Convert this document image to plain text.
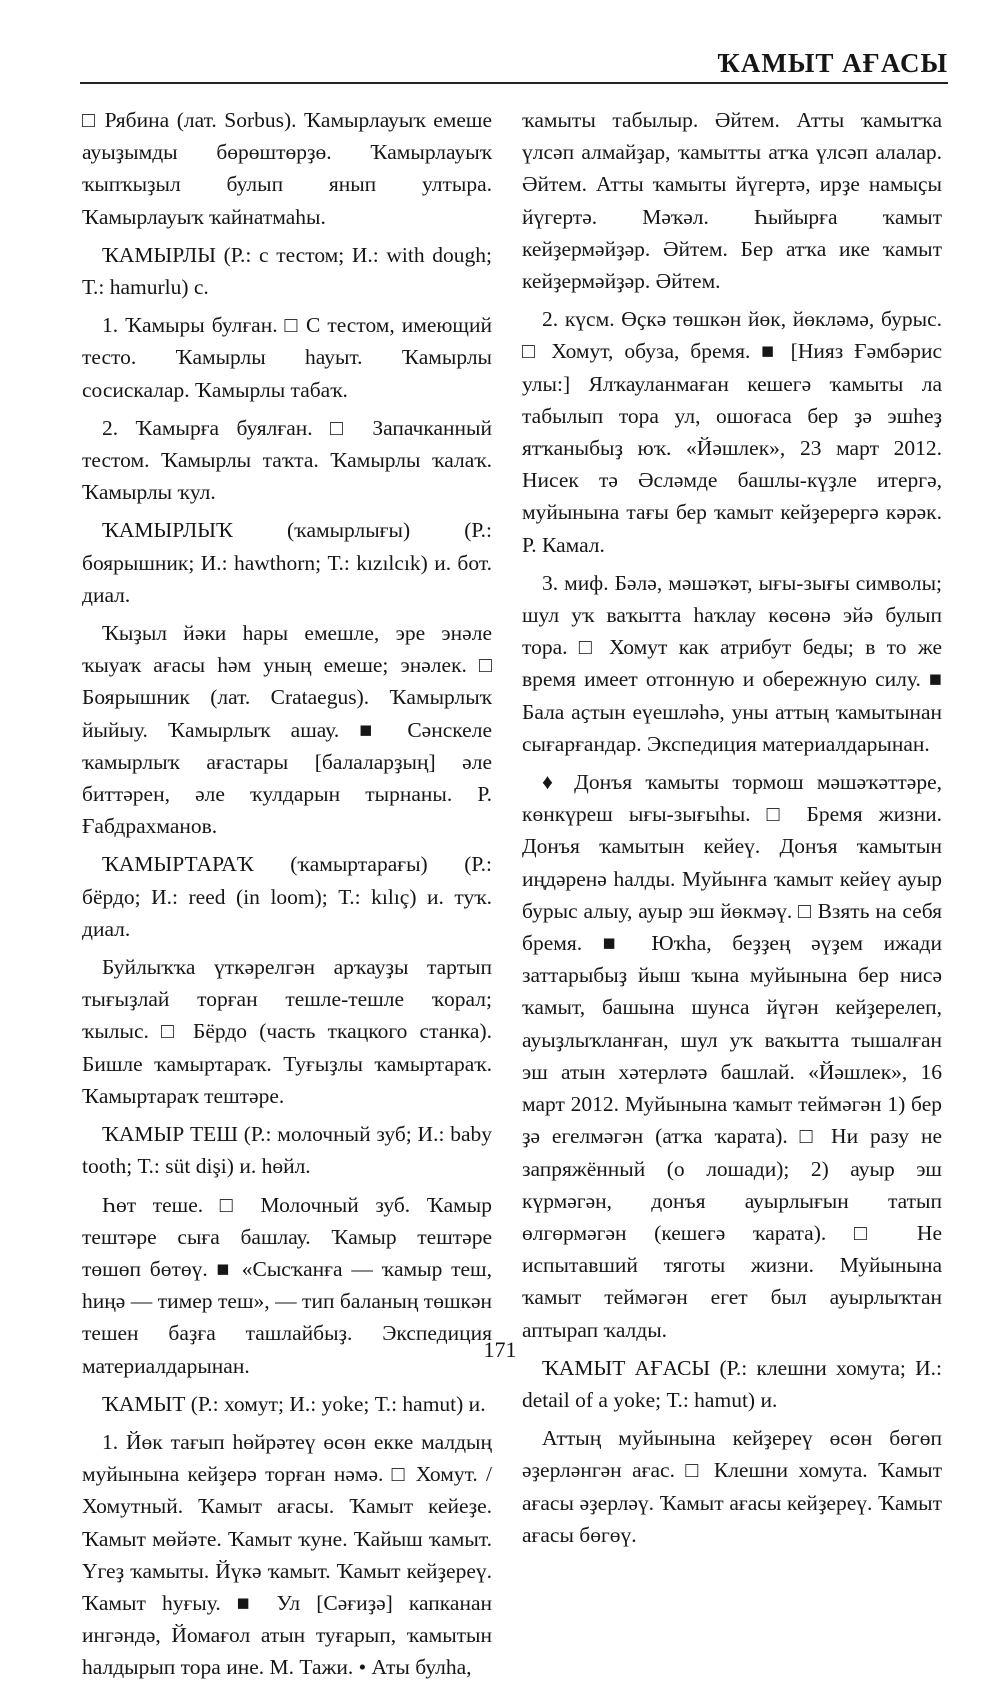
ҠАМЫТ АҒАСЫ

□ Рябина (лат. Sorbus). Ҡамырлауыҡ емеше ауыҙымды бөрөштөрҙө. Ҡамырлауыҡ ҡыпҡыҙыл булып янып ултыра. Ҡамырлауыҡ ҡайнатмаһы.

ҠАМЫРЛЫ (Р.: с тестом; И.: with dough; Т.: hamurlu) с.

1. Ҡамыры булған. □ С тестом, имеющий тесто. Ҡамырлы һауыт. Ҡамырлы сосискалар. Ҡамырлы табаҡ.

2. Ҡамырға буялған. □ Запачканный тестом. Ҡамырлы таҡта. Ҡамырлы ҡалаҡ. Ҡамырлы ҡул.

ҠАМЫРЛЫҠ (ҡамырлығы) (Р.: боярышник; И.: hawthorn; Т.: kızılcık) и. бот. диал.

Ҡыҙыл йәки һары емешле, эре энәле ҡыуаҡ ағасы һәм уның емеше; энәлек. □ Боярышник (лат. Crataegus). Ҡамырлыҡ йыйыу. Ҡамырлыҡ ашау. ■ Сәнскеле ҡамырлыҡ ағастары [балаларҙың] әле биттәрен, әле ҡулдарын тырнаны. Р. Ғабдрахманов.

ҠАМЫРТАРАҠ (ҡамыртарағы) (Р.: бёрдо; И.: reed (in loom); Т.: kılıç) и. туҡ. диал.

Буйлыҡҡа үткәрелгән арҡауҙы тартып тығыҙлай торған тешле-тешле ҡорал; ҡылыс. □ Бёрдо (часть ткацкого станка). Бишле ҡамыртараҡ. Туғыҙлы ҡамыртараҡ. Ҡамыртараҡ тештәре.

ҠАМЫР ТЕШ (Р.: молочный зуб; И.: baby tooth; Т.: süt dişi) и. һөйл.

Һөт теше. □ Молочный зуб. Ҡамыр тештәре сыға башлау. Ҡамыр тештәре төшөп бөтөү. ■ «Сысҡанға — ҡамыр теш, һиңә — тимер теш», — тип баланың төшкән тешен баҙға ташлайбыҙ. Экспедиция материалдарынан.

ҠАМЫТ (Р.: хомут; И.: yoke; Т.: hamut) и.

1. Йөк тағып һөйрәтеү өсөн екке малдың муйынына кейҙерә торған нәмә. □ Хомут. / Хомутный. Ҡамыт ағасы. Ҡамыт кейеҙе. Ҡамыт мөйәте. Ҡамыт ҡуне. Ҡайыш ҡамыт. Үгеҙ ҡамыты. Йүкә ҡамыт. Ҡамыт кейҙереү. Ҡамыт һуғыу. ■ Ул [Сәғиҙә] капканан ингәндә, Йомағол атын туғарып, ҡамытын һалдырып тора ине. М. Тажи. • Аты булһа,

ҡамыты табылыр. Әйтем. Атты ҡамытҡа үлсәп алмайҙар, ҡамытты атҡа үлсәп алалар. Әйтем. Атты ҡамыты йүгертә, ирҙе намыҫы йүгертә. Мәҡәл. Һыйырға ҡамыт кейҙермәйҙәр. Әйтем. Бер атҡа ике ҡамыт кейҙермәйҙәр. Әйтем.

2. күсм. Өҫкә төшкән йөк, йөкләмә, бурыс. □ Хомут, обуза, бремя. ■ [Нияз Ғәмбәрис улы:] Ялҡауланмаған кешегә ҡамыты ла табылып тора ул, ошоғаса бер ҙә эшһеҙ ятҡаныбыҙ юҡ. «Йәшлек», 23 март 2012. Нисек тә Әсләмде башлы-күҙле итергә, муйынына тағы бер ҡамыт кейҙерергә кәрәк. Р. Камал.

3. миф. Бәлә, мәшәҡәт, ығы-зығы символы; шул уҡ ваҡытта һаҡлау көсөнә эйә булып тора. □ Хомут как атрибут беды; в то же время имеет отгонную и обережную силу. ■ Бала аҫтын еүешләһә, уны аттың ҡамытынан сығарғандар. Экспедиция материалдарынан.

♦ Донъя ҡамыты тормош мәшәҡәттәре, көнкүреш ығы-зығыһы. □ Бремя жизни. Донъя ҡамытын кейеү. Донъя ҡамытын иңдәренә һалды. Муйынға ҡамыт кейеү ауыр бурыс алыу, ауыр эш йөкмәү. □ Взять на себя бремя. ■ Юҡһа, беҙҙең әүҙем ижади заттарыбыҙ йыш ҡына муйынына бер нисә ҡамыт, башына шунса йүгән кейҙерелеп, ауыҙлыҡланған, шул уҡ ваҡытта тышалған эш атын хәтерләтә башлай. «Йәшлек», 16 март 2012. Муйынына ҡамыт теймәгән 1) бер ҙә егелмәгән (атҡа ҡарата). □ Ни разу не запряжённый (о лошади); 2) ауыр эш күрмәгән, донъя ауырлығын татып өлгөрмәгән (кешегә ҡарата). □ Не испытавший тяготы жизни. Муйынына ҡамыт теймәгән егет был ауырлыҡтан аптырап ҡалды.

ҠАМЫТ АҒАСЫ (Р.: клешни хомута; И.: detail of a yoke; Т.: hamut) и.

Аттың муйынына кейҙереү өсөн бөгөп әҙерләнгән ағас. □ Клешни хомута. Ҡамыт ағасы әҙерләү. Ҡамыт ағасы кейҙереү. Ҡамыт ағасы бөгөү.

171
